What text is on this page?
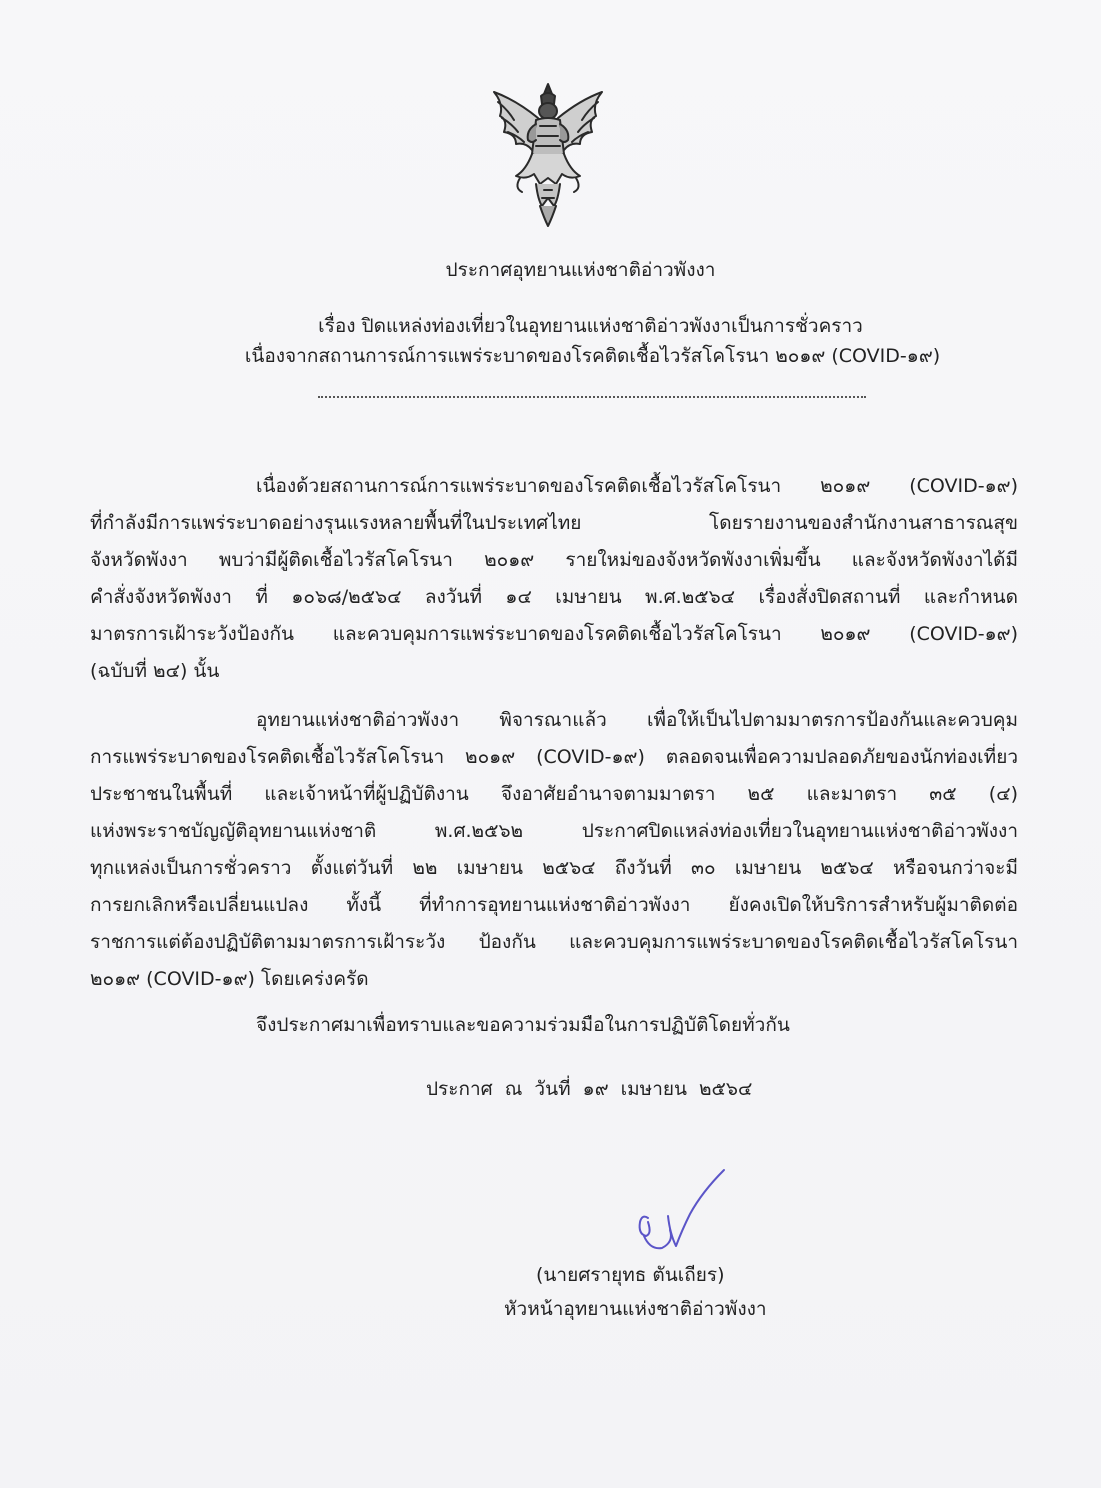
ประกาศอุทยานแห่งชาติอ่าวพังงา
เรื่อง ปิดแหล่งท่องเที่ยวในอุทยานแห่งชาติอ่าวพังงาเป็นการชั่วคราว
เนื่องจากสถานการณ์การแพร่ระบาดของโรคติดเชื้อไวรัสโคโรนา ๒๐๑๙ (COVID-๑๙)
เนื่องด้วยสถานการณ์การแพร่ระบาดของโรคติดเชื้อไวรัสโคโรนา ๒๐๑๙ (COVID-๑๙)
ที่กำลังมีการแพร่ระบาดอย่างรุนแรงหลายพื้นที่ในประเทศไทย โดยรายงานของสำนักงานสาธารณสุข
จังหวัดพังงา พบว่ามีผู้ติดเชื้อไวรัสโคโรนา ๒๐๑๙ รายใหม่ของจังหวัดพังงาเพิ่มขึ้น และจังหวัดพังงาได้มี
คำสั่งจังหวัดพังงา ที่ ๑๐๖๘/๒๕๖๔ ลงวันที่ ๑๔ เมษายน พ.ศ.๒๕๖๔ เรื่องสั่งปิดสถานที่ และกำหนด
มาตรการเฝ้าระวังป้องกัน และควบคุมการแพร่ระบาดของโรคติดเชื้อไวรัสโคโรนา ๒๐๑๙ (COVID-๑๙)
(ฉบับที่ ๒๔) นั้น
อุทยานแห่งชาติอ่าวพังงา พิจารณาแล้ว เพื่อให้เป็นไปตามมาตรการป้องกันและควบคุม
การแพร่ระบาดของโรคติดเชื้อไวรัสโคโรนา ๒๐๑๙ (COVID-๑๙) ตลอดจนเพื่อความปลอดภัยของนักท่องเที่ยว
ประชาชนในพื้นที่ และเจ้าหน้าที่ผู้ปฏิบัติงาน จึงอาศัยอำนาจตามมาตรา ๒๕ และมาตรา ๓๕ (๔)
แห่งพระราชบัญญัติอุทยานแห่งชาติ พ.ศ.๒๕๖๒ ประกาศปิดแหล่งท่องเที่ยวในอุทยานแห่งชาติอ่าวพังงา
ทุกแหล่งเป็นการชั่วคราว ตั้งแต่วันที่ ๒๒ เมษายน ๒๕๖๔ ถึงวันที่ ๓๐ เมษายน ๒๕๖๔ หรือจนกว่าจะมี
การยกเลิกหรือเปลี่ยนแปลง ทั้งนี้ ที่ทำการอุทยานแห่งชาติอ่าวพังงา ยังคงเปิดให้บริการสำหรับผู้มาติดต่อ
ราชการแต่ต้องปฏิบัติตามมาตรการเฝ้าระวัง ป้องกัน และควบคุมการแพร่ระบาดของโรคติดเชื้อไวรัสโคโรนา
๒๐๑๙ (COVID-๑๙) โดยเคร่งครัด
จึงประกาศมาเพื่อทราบและขอความร่วมมือในการปฏิบัติโดยทั่วกัน
ประกาศ ณ วันที่ ๑๙ เมษายน ๒๕๖๔
(นายศรายุทธ ตันเถียร)
หัวหน้าอุทยานแห่งชาติอ่าวพังงา
